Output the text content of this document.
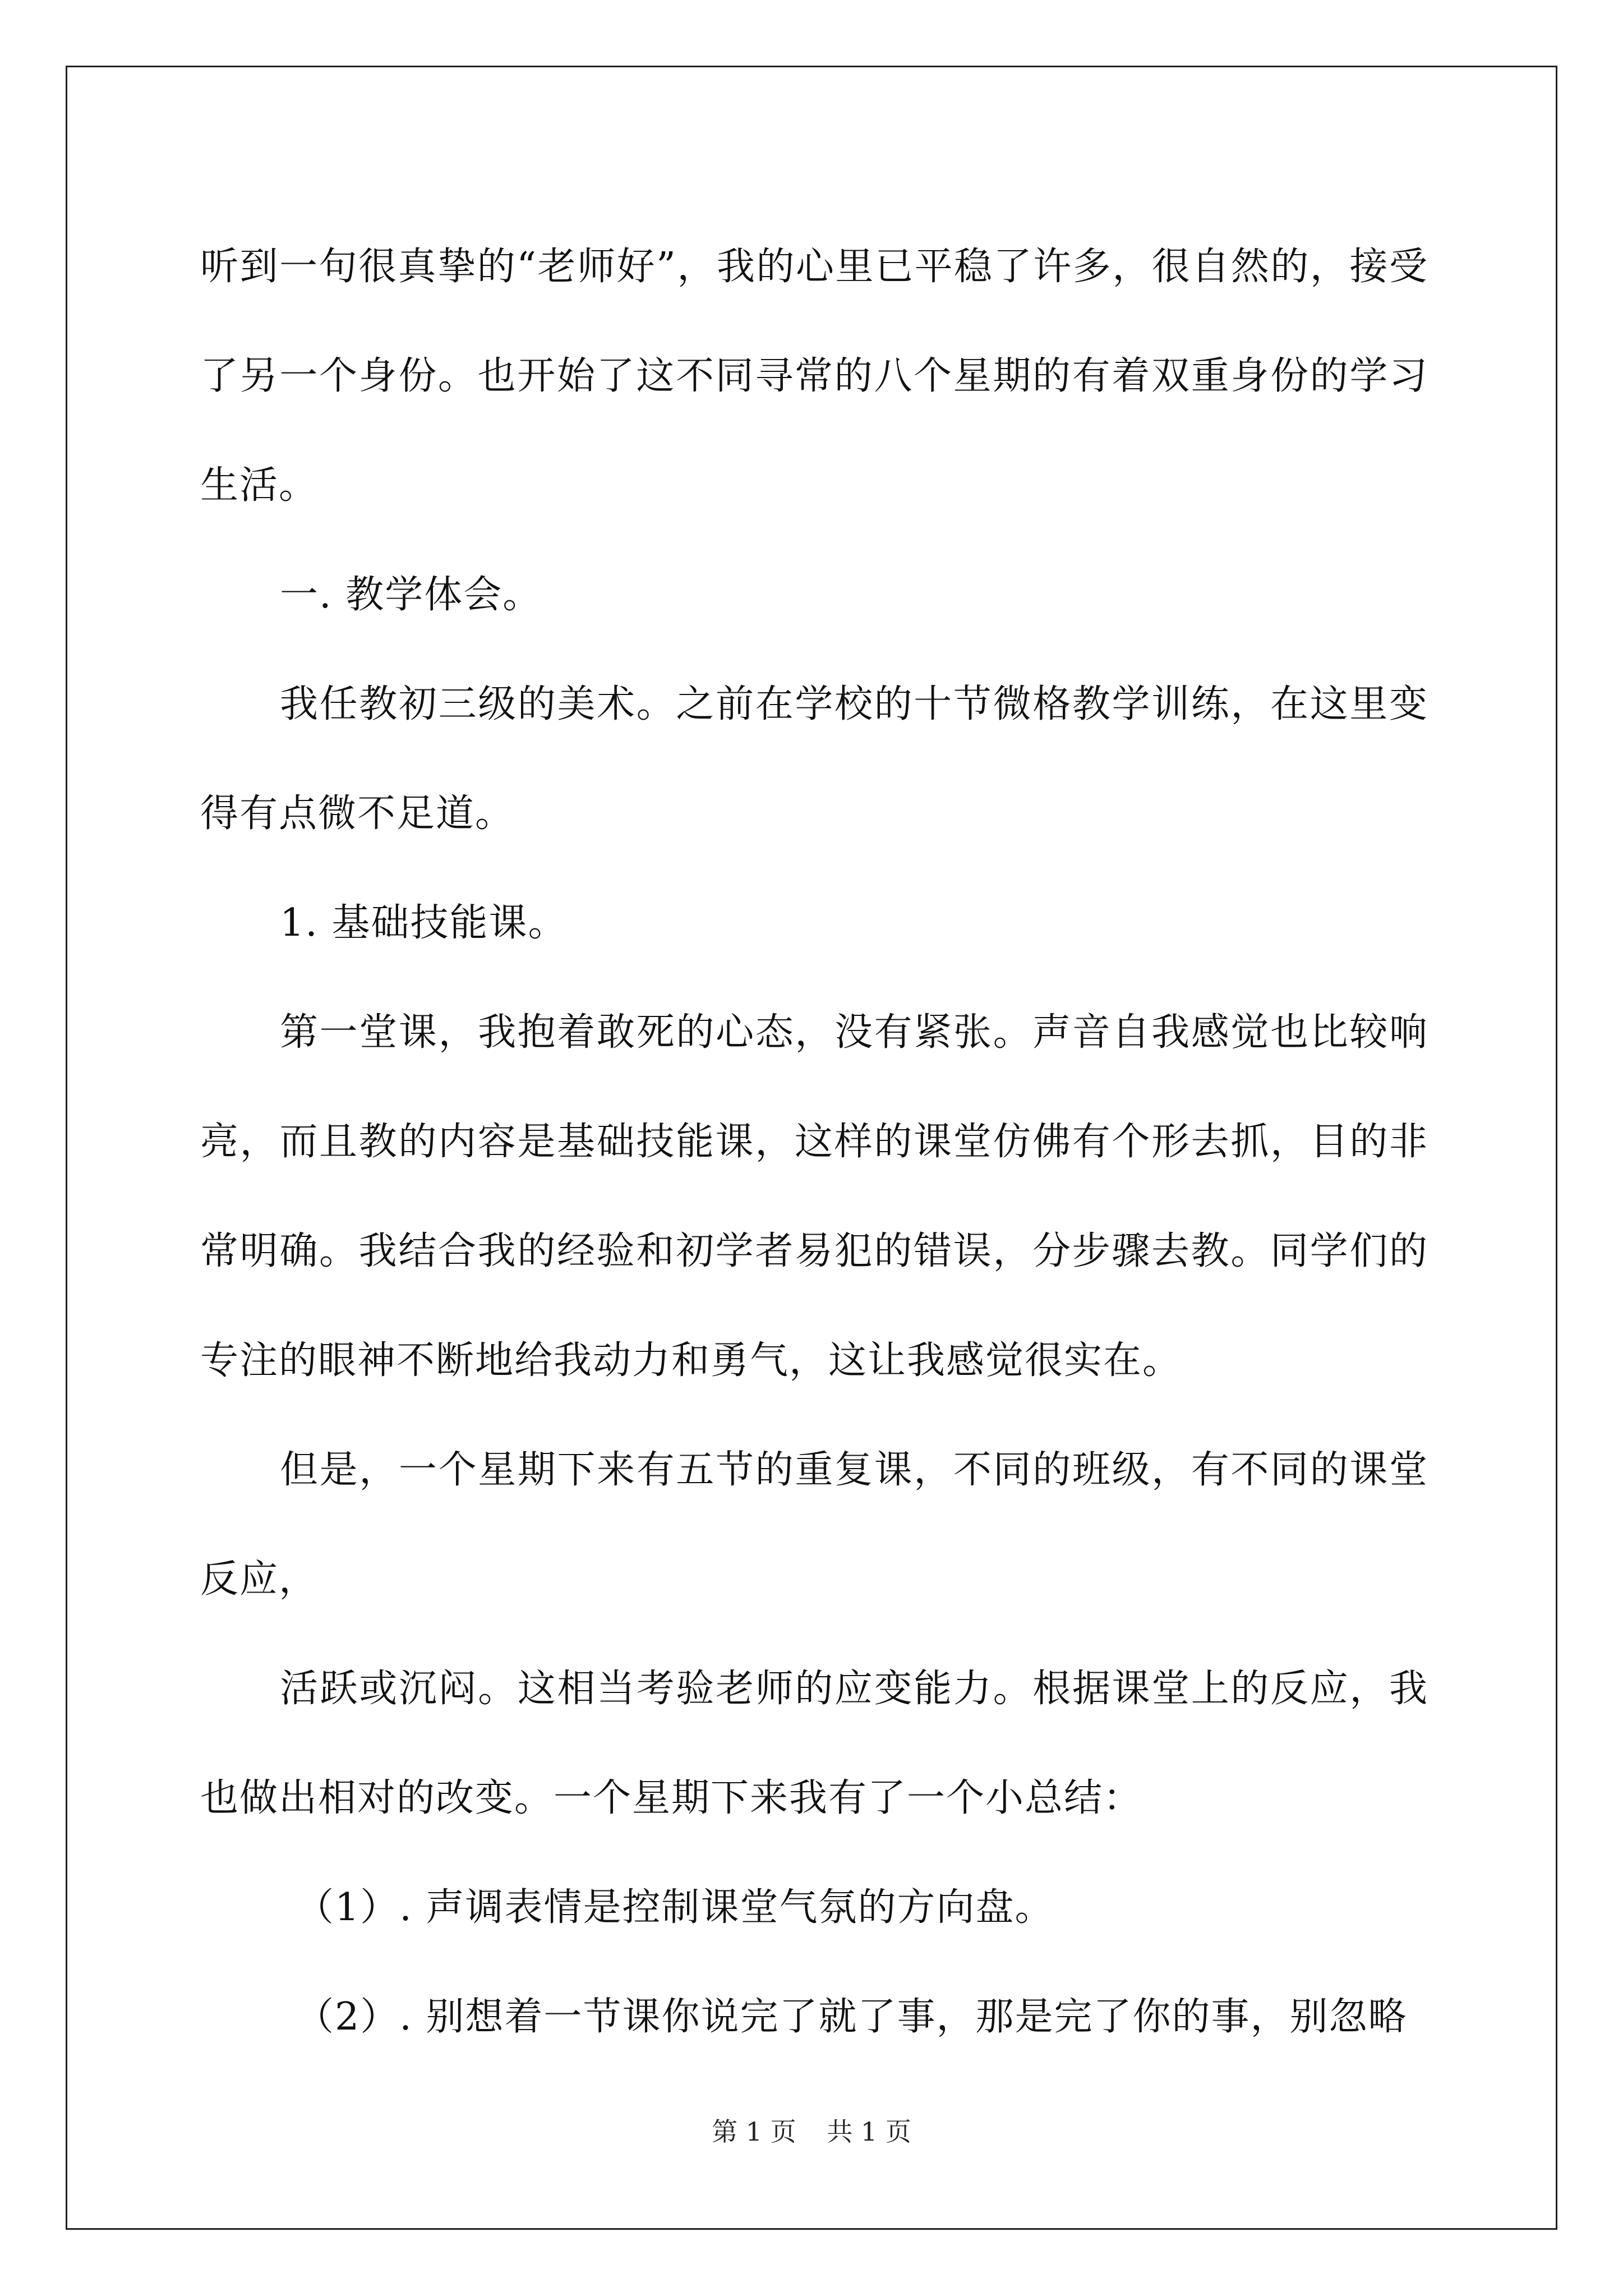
听到一句很真挚的“老师好”，我的心里已平稳了许多，很自然的，接受了另一个身份。也开始了这不同寻常的八个星期的有着双重身份的学习生活。

一. 教学体会。

我任教初三级的美术。之前在学校的十节微格教学训练，在这里变得有点微不足道。

1. 基础技能课。

第一堂课，我抱着敢死的心态，没有紧张。声音自我感觉也比较响亮，而且教的内容是基础技能课，这样的课堂仿佛有个形去抓，目的非常明确。我结合我的经验和初学者易犯的错误，分步骤去教。同学们的专注的眼神不断地给我动力和勇气，这让我感觉很实在。

但是，一个星期下来有五节的重复课，不同的班级，有不同的课堂反应，

活跃或沉闷。这相当考验老师的应变能力。根据课堂上的反应，我也做出相对的改变。一个星期下来我有了一个小总结：

（1）. 声调表情是控制课堂气氛的方向盘。

（2）. 别想着一节课你说完了就了事，那是完了你的事，别忽略

第 1 页 共 1 页
